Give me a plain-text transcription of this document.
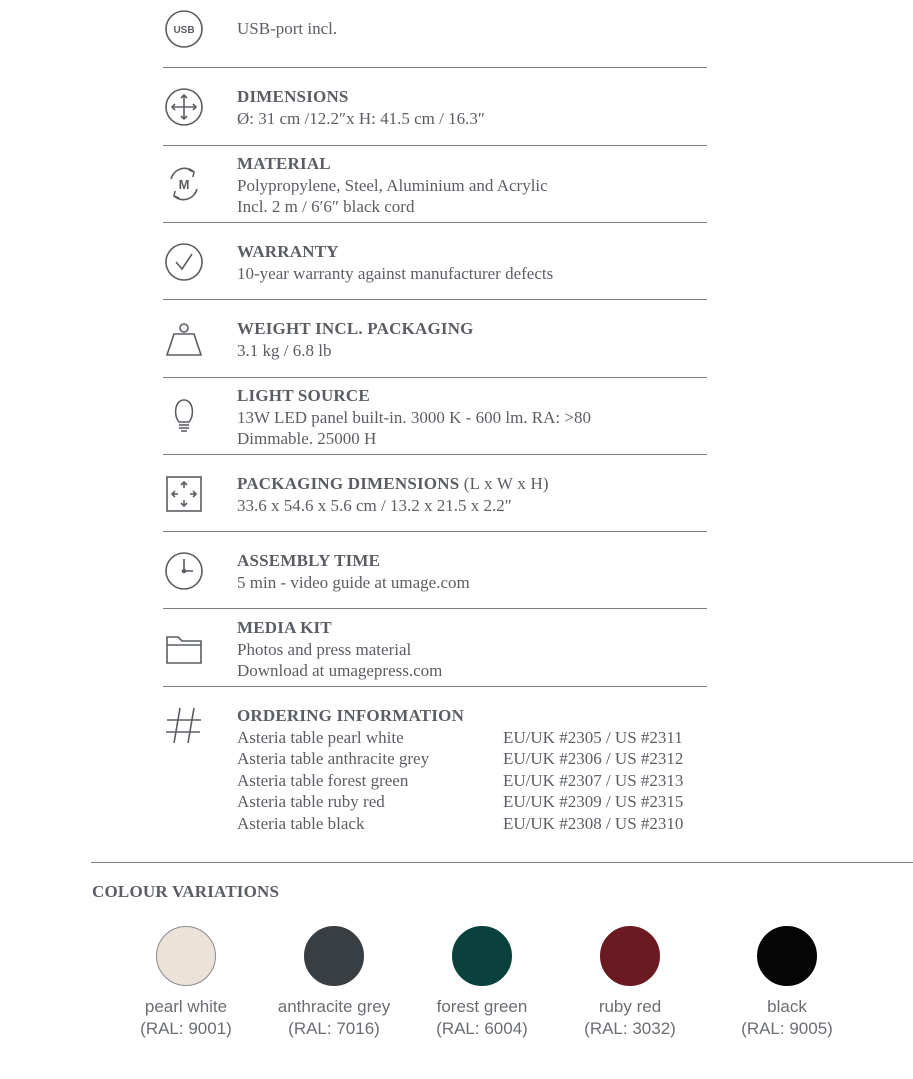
USB USB-port incl.
DIMENSIONS
Ø: 31 cm /12.2″x H: 41.5 cm / 16.3″
M
MATERIAL
Polypropylene, Steel, Aluminium and Acrylic
Incl. 2 m / 6′6″ black cord
WARRANTY
10-year warranty against manufacturer defects
WEIGHT INCL. PACKAGING
3.1 kg / 6.8 lb
LIGHT SOURCE
13W LED panel built-in. 3000 K - 600 lm. RA: >80
Dimmable. 25000 H
PACKAGING DIMENSIONS (L x W x H)
33.6 x 54.6 x 5.6 cm / 13.2 x 21.5 x 2.2″
ASSEMBLY TIME
5 min - video guide at umage.com
MEDIA KIT
Photos and press material
Download at umagepress.com
ORDERING INFORMATION
Asteria table pearl white	EU/UK #2305 / US #2311
Asteria table anthracite grey	EU/UK #2306 / US #2312
Asteria table forest green	EU/UK #2307 / US #2313
Asteria table ruby red	EU/UK #2309 / US #2315
Asteria table black	EU/UK #2308 / US #2310
COLOUR VARIATIONS
pearl white
(RAL: 9001)
anthracite grey
(RAL: 7016)
forest green
(RAL: 6004)
ruby red
(RAL: 3032)
black
(RAL: 9005)
